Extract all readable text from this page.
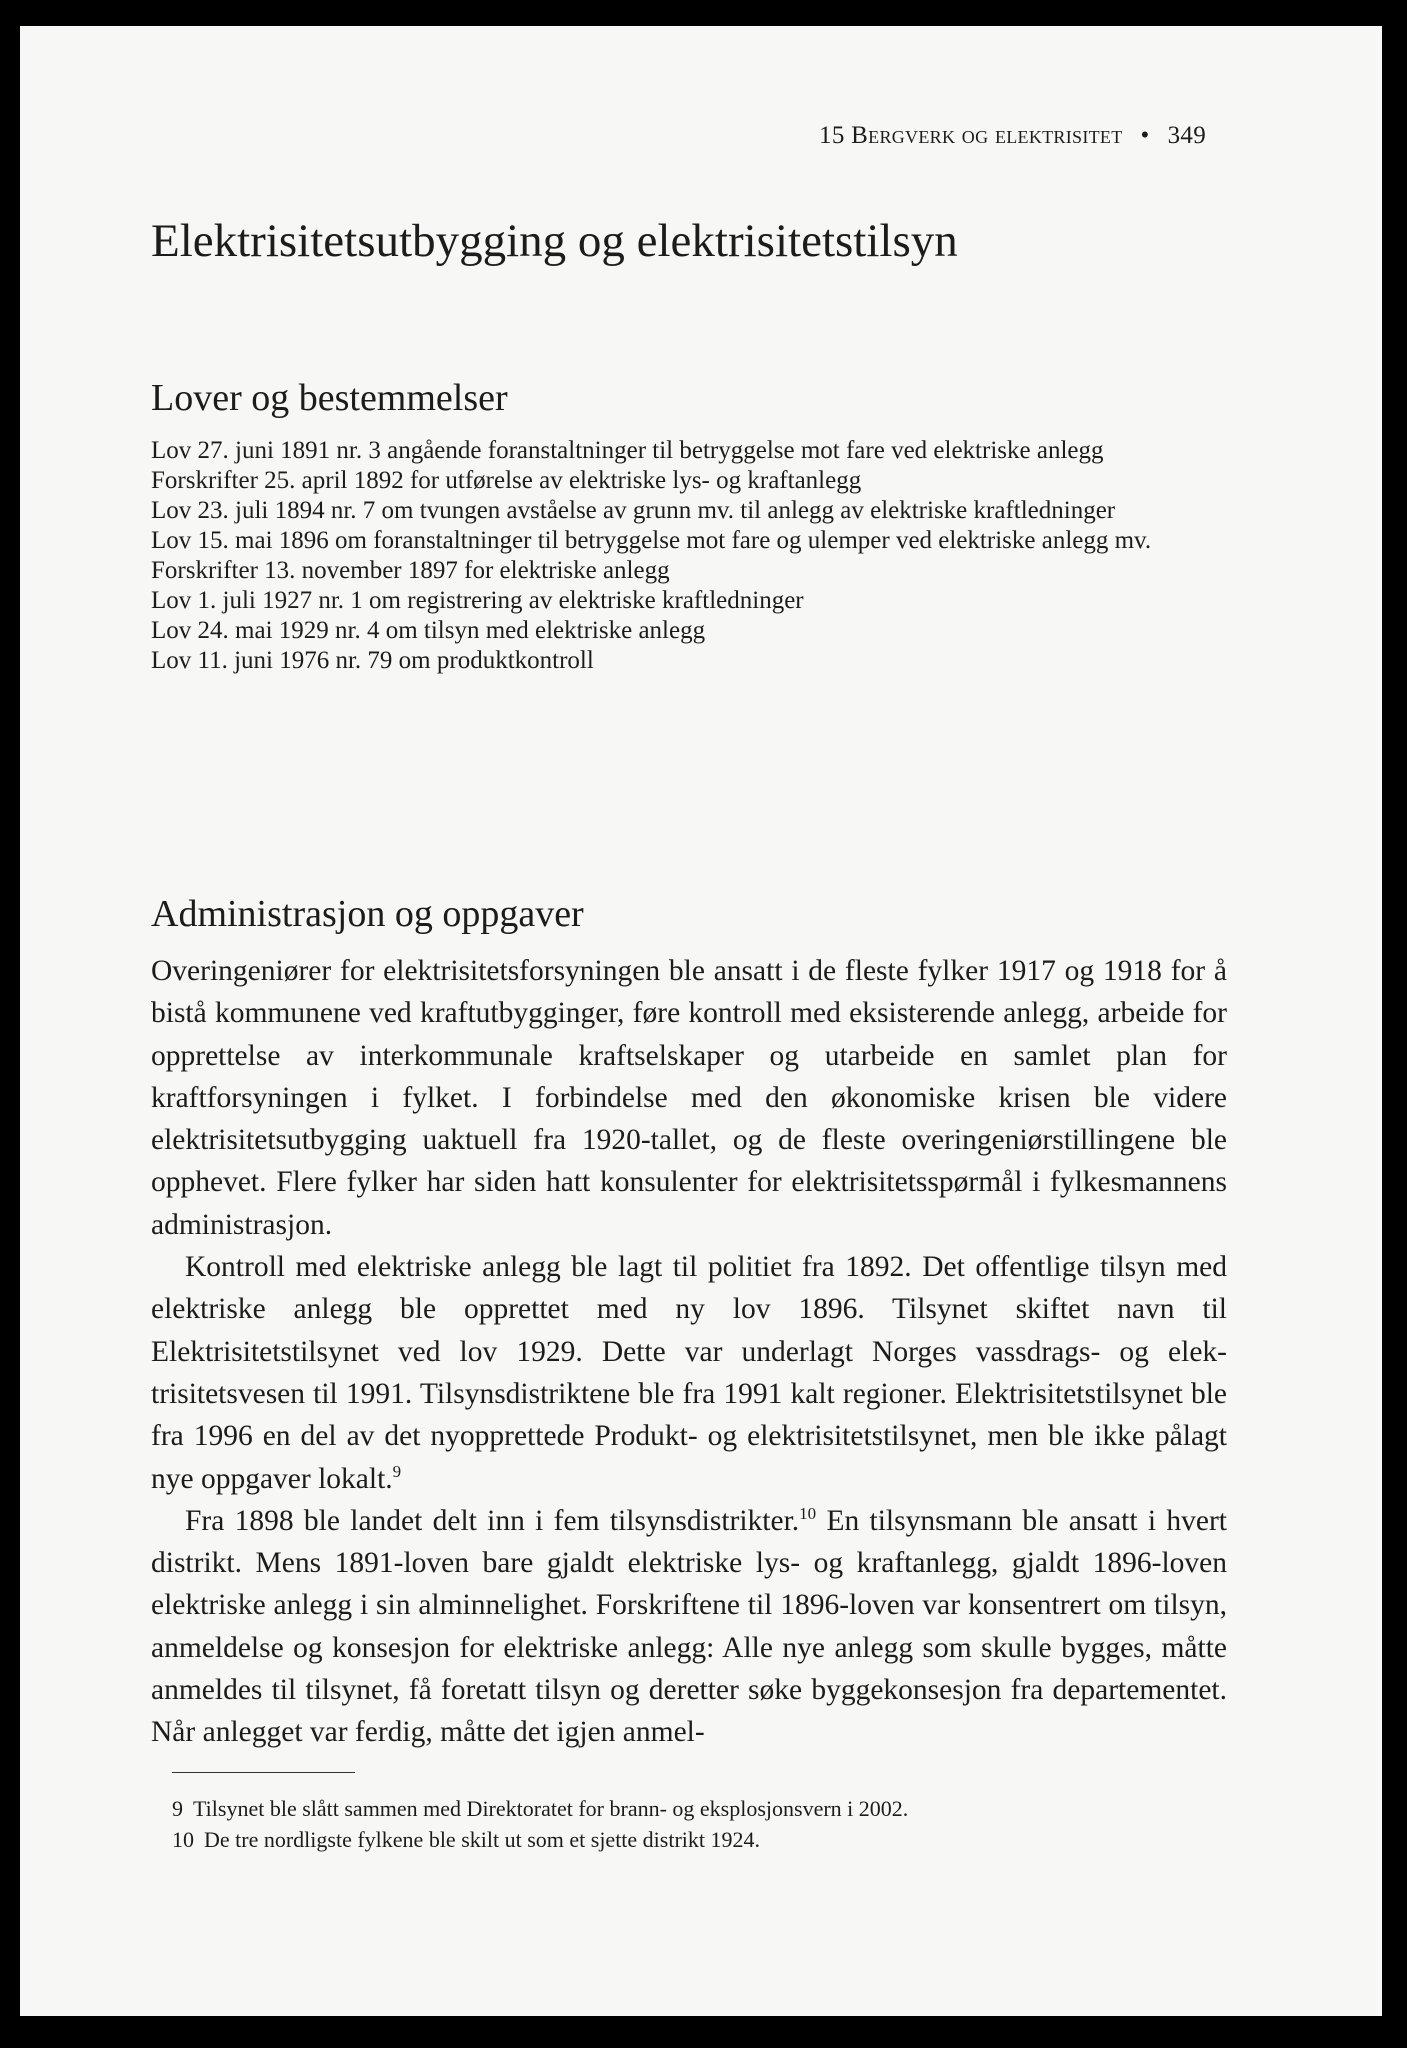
15 Bergverk og elektrisitet • 349
Elektrisitetsutbygging og elektrisitetstilsyn
Lover og bestemmelser
Lov 27. juni 1891 nr. 3 angående foranstaltninger til betryggelse mot fare ved elektriske anlegg
Forskrifter 25. april 1892 for utførelse av elektriske lys- og kraftanlegg
Lov 23. juli 1894 nr. 7 om tvungen avståelse av grunn mv. til anlegg av elektriske kraftledninger
Lov 15. mai 1896 om foranstaltninger til betryggelse mot fare og ulemper ved elektriske anlegg mv.
Forskrifter 13. november 1897 for elektriske anlegg
Lov 1. juli 1927 nr. 1 om registrering av elektriske kraftledninger
Lov 24. mai 1929 nr. 4 om tilsyn med elektriske anlegg
Lov 11. juni 1976 nr. 79 om produktkontroll
Administrasjon og oppgaver

Overingeniører for elektrisitetsforsyningen ble ansatt i de fleste fylker 1917 og 1918 for å bistå kommunene ved kraftutbygginger, føre kontroll med eksisterende anlegg, arbeide for opprettelse av interkommunale kraftselskaper og utarbeide en samlet plan for kraftforsyningen i fylket. I forbindelse med den økonomiske krisen ble videre elektrisitetsutbygging uaktuell fra 1920-tallet, og de fleste overingeniørstillingene ble opphevet. Flere fylker har siden hatt konsulenter for elektrisitetsspørmål i fylkesmannens administrasjon.

Kontroll med elektriske anlegg ble lagt til politiet fra 1892. Det offentlige tilsyn med elektriske anlegg ble opprettet med ny lov 1896. Tilsynet skiftet navn til Elektrisitetstilsynet ved lov 1929. Dette var underlagt Norges vassdrags- og elektrisitetsvesen til 1991. Tilsynsdistriktene ble fra 1991 kalt regioner. Elektrisitetstilsynet ble fra 1996 en del av det nyopprettede Produkt- og elektrisitetstilsynet, men ble ikke pålagt nye oppgaver lokalt.$^9$

Fra 1898 ble landet delt inn i fem tilsynsdistrikter.$^{10}$ En tilsynsmann ble ansatt i hvert distrikt. Mens 1891-loven bare gjaldt elektriske lys- og kraftanlegg, gjaldt 1896-loven elektriske anlegg i sin alminnelighet. Forskriftene til 1896-loven var konsentrert om tilsyn, anmeldelse og konsesjon for elektriske anlegg: Alle nye anlegg som skulle bygges, måtte anmeldes til tilsynet, få foretatt tilsyn og deretter søke byggekonsesjon fra departementet. Når anlegget var ferdig, måtte det igjen anmel-

9 Tilsynet ble slått sammen med Direktoratet for brann- og eksplosjonsvern i 2002.
10 De tre nordligste fylkene ble skilt ut som et sjette distrikt 1924.
